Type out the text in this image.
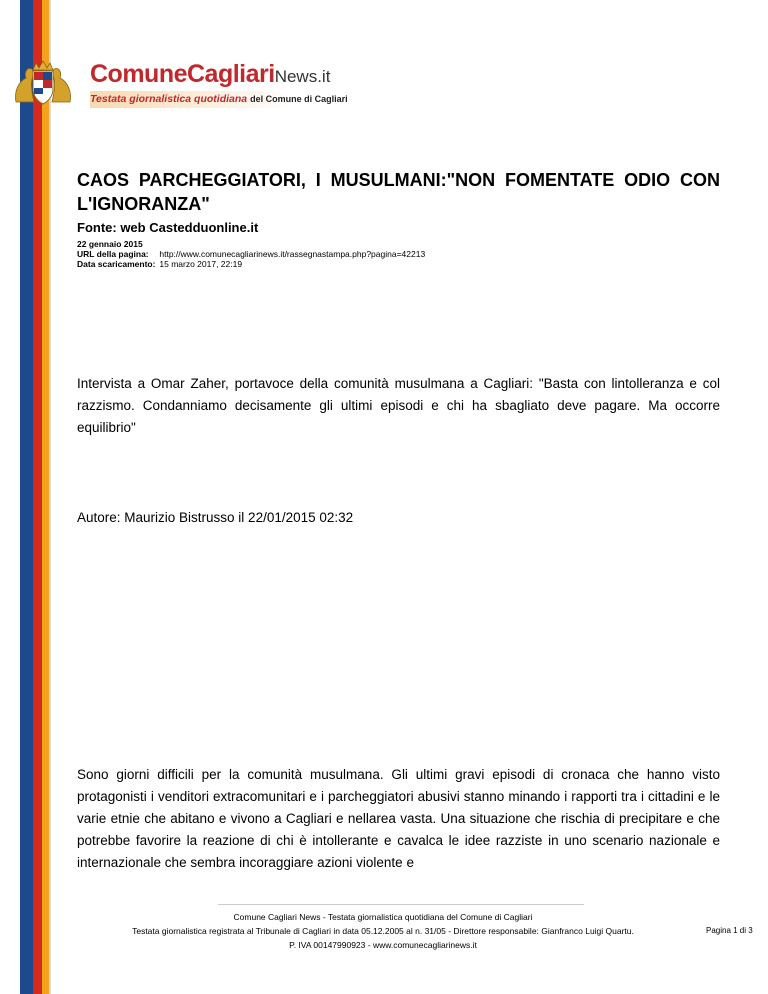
ComuneCagliariNews.it
Testata giornalistica quotidiana del Comune di Cagliari
CAOS PARCHEGGIATORI, I MUSULMANI:"NON FOMENTATE ODIO CON L'IGNORANZA"
Fonte: web Castedduonline.it
22 gennaio 2015
URL della pagina: http://www.comunecagliarinews.it/rassegnastampa.php?pagina=42213
Data scaricamento: 15 marzo 2017, 22:19

Intervista a Omar Zaher, portavoce della comunità musulmana a Cagliari: "Basta con lintolleranza e col razzismo. Condanniamo decisamente gli ultimi episodi e chi ha sbagliato deve pagare. Ma occorre equilibrio"

Autore: Maurizio Bistrusso il 22/01/2015 02:32

Sono giorni difficili per la comunità musulmana. Gli ultimi gravi episodi di cronaca che hanno visto protagonisti i venditori extracomunitari e i parcheggiatori abusivi stanno minando i rapporti tra i cittadini e le varie etnie che abitano e vivono a Cagliari e nellarea vasta. Una situazione che rischia di precipitare e che potrebbe favorire la reazione di chi è intollerante e cavalca le idee razziste in uno scenario nazionale e internazionale che sembra incoraggiare azioni violente e

Comune Cagliari News - Testata giornalistica quotidiana del Comune di Cagliari
Testata giornalistica registrata al Tribunale di Cagliari in data 05.12.2005 al n. 31/05 - Direttore responsabile: Gianfranco Luigi Quartu.
P. IVA 00147990923 - www.comunecagliarinews.it
Pagina 1 di 3
